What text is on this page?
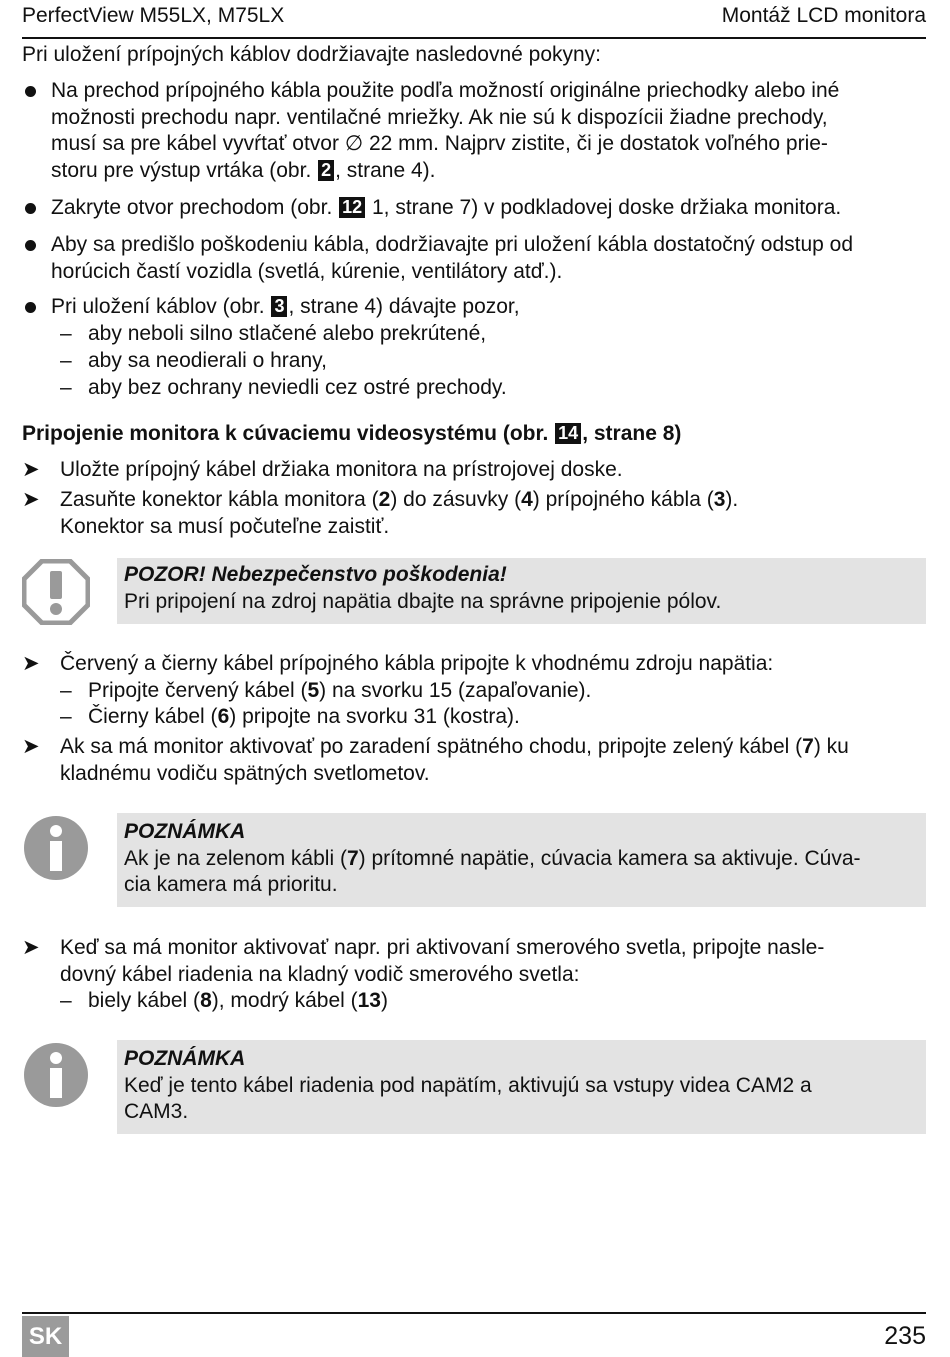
PerfectView M55LX, M75LX	Montáž LCD monitora
Pri uložení prípojných káblov dodržiavajte nasledovné pokyny:
Na prechod prípojného kábla použite podľa možností originálne priechodky alebo iné
možnosti prechodu napr. ventilačné mriežky. Ak nie sú k dispozícii žiadne prechody,
musí sa pre kábel vyvŕtať otvor ∅ 22 mm. Najprv zistite, či je dostatok voľného prie-
storu pre výstup vrtáka (obr. 2 , strane 4).
Zakryte otvor prechodom (obr. 12 1, strane 7) v podkladovej doske držiaka monitora.
Aby sa predišlo poškodeniu kábla, dodržiavajte pri uložení kábla dostatočný odstup od
horúcich častí vozidla (svetlá, kúrenie, ventilátory atď.).
Pri uložení káblov (obr. 3 , strane 4) dávajte pozor,
– aby neboli silno stlačené alebo prekrútené,
– aby sa neodierali o hrany,
– aby bez ochrany neviedli cez ostré prechody.
Pripojenie monitora k cúvaciemu videosystému (obr. 14 , strane 8)
➤ Uložte prípojný kábel držiaka monitora na prístrojovej doske.
➤ Zasuňte konektor kábla monitora (2) do zásuvky (4) prípojného kábla (3).
Konektor sa musí počuteľne zaistiť.
POZOR! Nebezpečenstvo poškodenia!
Pri pripojení na zdroj napätia dbajte na správne pripojenie pólov.
➤ Červený a čierny kábel prípojného kábla pripojte k vhodnému zdroju napätia:
– Pripojte červený kábel (5) na svorku 15 (zapaľovanie).
– Čierny kábel (6) pripojte na svorku 31 (kostra).
➤ Ak sa má monitor aktivovať po zaradení spätného chodu, pripojte zelený kábel (7) ku
kladnému vodiču spätných svetlometov.
POZNÁMKA
Ak je na zelenom kábli (7) prítomné napätie, cúvacia kamera sa aktivuje. Cúva-
cia kamera má prioritu.
➤ Keď sa má monitor aktivovať napr. pri aktivovaní smerového svetla, pripojte nasle-
dovný kábel riadenia na kladný vodič smerového svetla:
– biely kábel (8), modrý kábel (13)
POZNÁMKA
Keď je tento kábel riadenia pod napätím, aktivujú sa vstupy videa CAM2 a
CAM3.
SK	235
